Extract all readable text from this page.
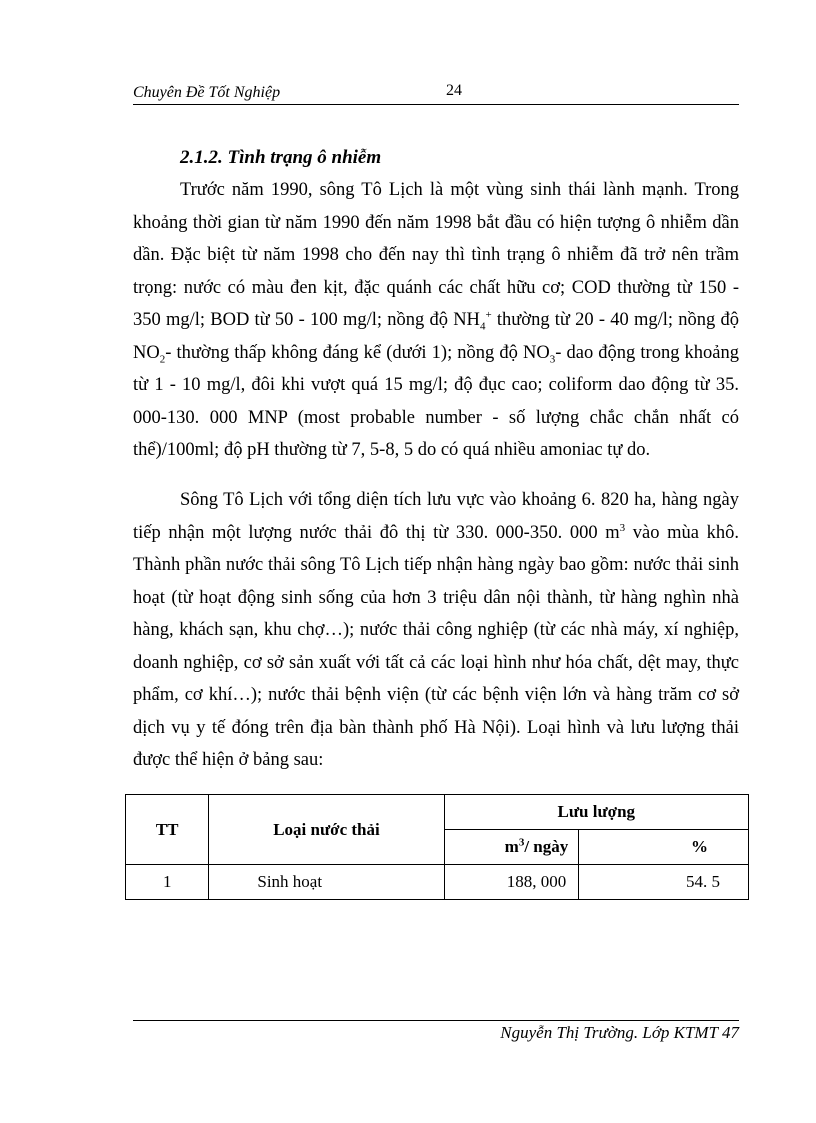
Chuyên Đề Tốt Nghiệp	24
2.1.2. Tình trạng ô nhiễm

Trước năm 1990, sông Tô Lịch là một vùng sinh thái lành mạnh. Trong khoảng thời gian từ năm 1990 đến năm 1998 bắt đầu có hiện tượng ô nhiễm dần dần. Đặc biệt từ năm 1998 cho đến nay thì tình trạng ô nhiễm đã trở nên trầm trọng: nước có màu đen kịt, đặc quánh các chất hữu cơ; COD thường từ 150 - 350 mg/l; BOD từ 50 - 100 mg/l; nồng độ $NH_4^+$ thường từ 20 - 40 mg/l; nồng độ $NO_2-$ thường thấp không đáng kể (dưới 1); nồng độ $NO_3-$ dao động trong khoảng từ 1 - 10 mg/l, đôi khi vượt quá 15 mg/l; độ đục cao; coliform dao động từ 35. 000-130. 000 MNP (most probable number - số lượng chắc chắn nhất có thể)/100ml; độ pH thường từ 7, 5-8, 5 do có quá nhiều amoniac tự do.

Sông Tô Lịch với tổng diện tích lưu vực vào khoảng 6. 820 ha, hàng ngày tiếp nhận một lượng nước thải đô thị từ 330. 000-350. 000 $m^3$ vào mùa khô. Thành phần nước thải sông Tô Lịch tiếp nhận hàng ngày bao gồm: nước thải sinh hoạt (từ hoạt động sinh sống của hơn 3 triệu dân nội thành, từ hàng nghìn nhà hàng, khách sạn, khu chợ…); nước thải công nghiệp (từ các nhà máy, xí nghiệp, doanh nghiệp, cơ sở sản xuất với tất cả các loại hình như hóa chất, dệt may, thực phẩm, cơ khí…); nước thải bệnh viện (từ các bệnh viện lớn và hàng trăm cơ sở dịch vụ y tế đóng trên địa bàn thành phố Hà Nội). Loại hình và lưu lượng thải được thể hiện ở bảng sau:

TT	Loại nước thải	Lưu lượng	
		$m^3/$ ngày	%
1	Sinh hoạt	188, 000	54. 5
Nguyễn Thị Trường. Lớp KTMT 47
